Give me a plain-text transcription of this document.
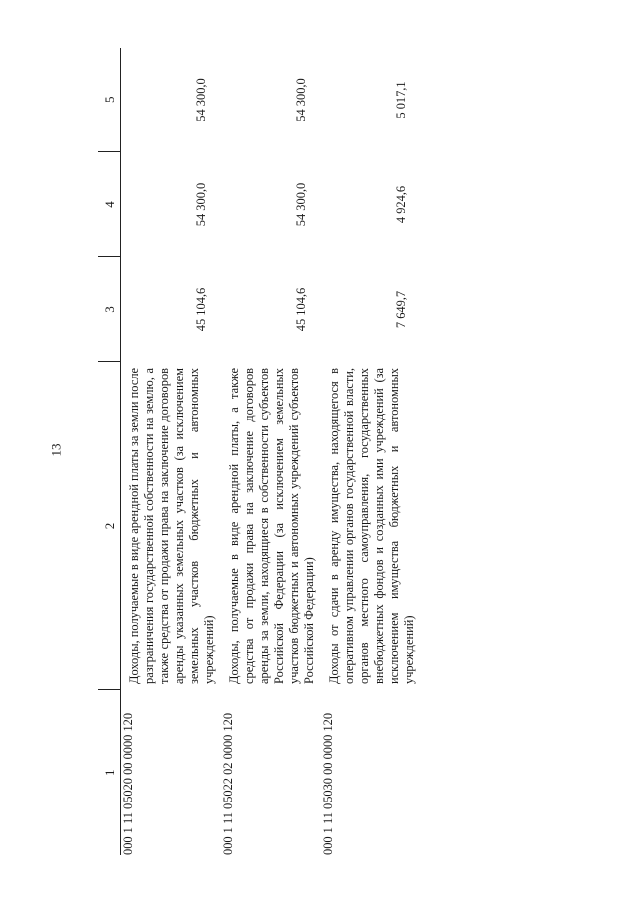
13
1	2	3	4	5
000 1 11 05020 00 0000 120	Доходы, получаемые в виде арендной платы за земли после разграничения государственной собственности на землю, а также средства от продажи права на заключение договоров аренды указанных земельных участков (за исключением земельных участков бюджетных и автономных учреждений)	45 104,6	54 300,0	54 300,0
000 1 11 05022 02 0000 120	Доходы, получаемые в виде арендной платы, а также средства от продажи права на заключение договоров аренды за земли, находящиеся в собственности субъектов Российской Федерации (за исключением земельных участков бюджетных и автономных учреждений субъектов Российской Федерации)	45 104,6	54 300,0	54 300,0
000 1 11 05030 00 0000 120	Доходы от сдачи в аренду имущества, находящегося в оперативном управлении органов государственной власти, органов местного самоуправления, государственных внебюджетных фондов и созданных ими учреждений (за исключением имущества бюджетных и автономных учреждений)	7 649,7	4 924,6	5 017,1
